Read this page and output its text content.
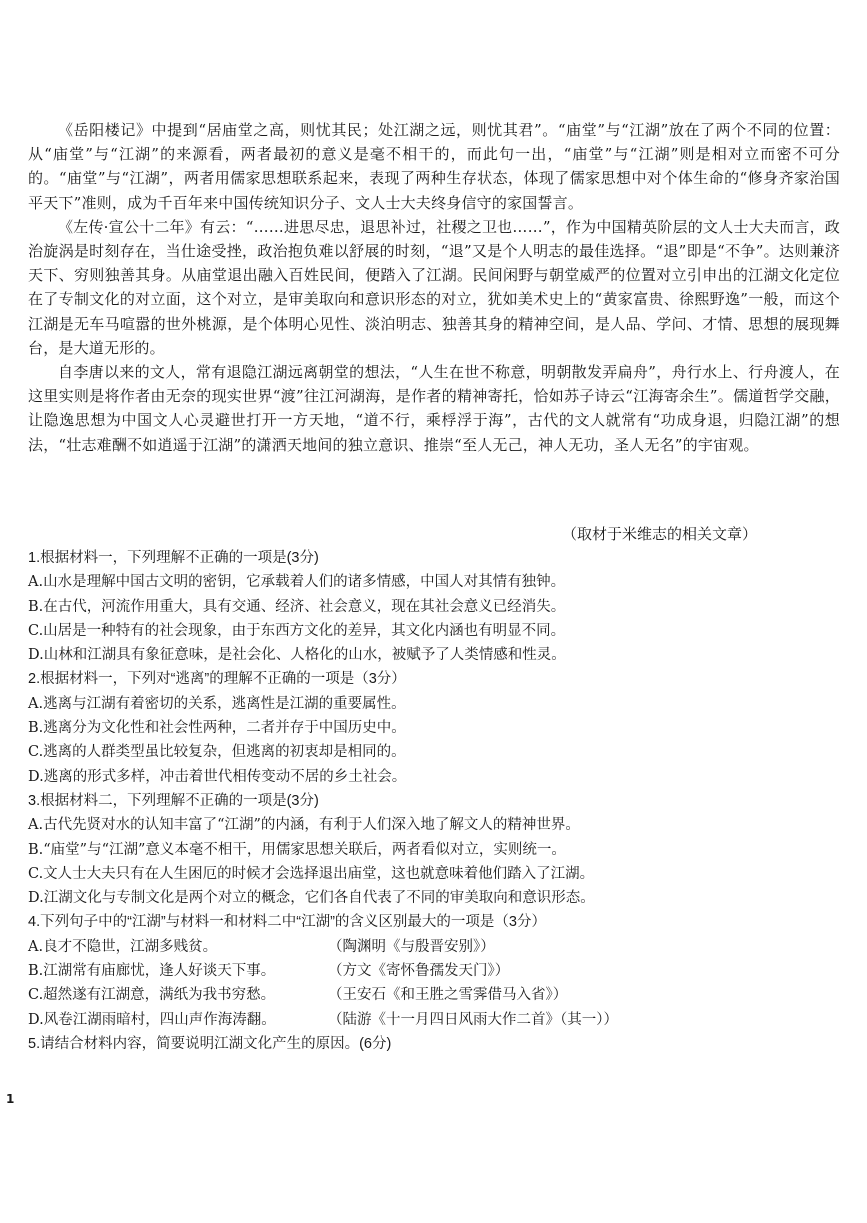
《岳阳楼记》中提到“居庙堂之高，则忧其民；处江湖之远，则忧其君”。“庙堂”与“江湖”放在了两个不同的位置：从“庙堂”与“江湖”的来源看，两者最初的意义是毫不相干的，而此句一出，“庙堂”与“江湖”则是相对立而密不可分的。“庙堂”与“江湖”，两者用儒家思想联系起来，表现了两种生存状态，体现了儒家思想中对个体生命的“修身齐家治国平天下”准则，成为千百年来中国传统知识分子、文人士大夫终身信守的家国誓言。

《左传·宣公十二年》有云：“……进思尽忠，退思补过，社稷之卫也……”，作为中国精英阶层的文人士大夫而言，政治旋涡是时刻存在，当仕途受挫，政治抱负难以舒展的时刻，“退”又是个人明志的最佳选择。“退”即是“不争”。达则兼济天下、穷则独善其身。从庙堂退出融入百姓民间，便踏入了江湖。民间闲野与朝堂威严的位置对立引申出的江湖文化定位在了专制文化的对立面，这个对立，是审美取向和意识形态的对立，犹如美术史上的“黄家富贵、徐熙野逸”一般，而这个江湖是无车马喧嚣的世外桃源，是个体明心见性、淡泊明志、独善其身的精神空间，是人品、学问、才情、思想的展现舞台，是大道无形的。

自李唐以来的文人，常有退隐江湖远离朝堂的想法，“人生在世不称意，明朝散发弄扁舟”，舟行水上、行舟渡人，在这里实则是将作者由无奈的现实世界“渡”往江河湖海，是作者的精神寄托，恰如苏子诗云“江海寄余生”。儒道哲学交融，让隐逸思想为中国文人心灵避世打开一方天地，“道不行，乘桴浮于海”，古代的文人就常有“功成身退，归隐江湖”的想法，“壮志难酬不如逍遥于江湖”的潇洒天地间的独立意识、推崇“至人无己，神人无功，圣人无名”的宇宙观。

（取材于米维志的相关文章）

1.根据材料一，下列理解不正确的一项是(3分)

A.山水是理解中国古文明的密钥，它承载着人们的诸多情感，中国人对其情有独钟。

B.在古代，河流作用重大，具有交通、经济、社会意义，现在其社会意义已经消失。

C.山居是一种特有的社会现象，由于东西方文化的差异，其文化内涵也有明显不同。

D.山林和江湖具有象征意味，是社会化、人格化的山水，被赋予了人类情感和性灵。

2.根据材料一，下列对“逃离”的理解不正确的一项是（3分）

A.逃离与江湖有着密切的关系，逃离性是江湖的重要属性。

B.逃离分为文化性和社会性两种，二者并存于中国历史中。

C.逃离的人群类型虽比较复杂，但逃离的初衷却是相同的。

D.逃离的形式多样，冲击着世代相传变动不居的乡土社会。

3.根据材料二，下列理解不正确的一项是(3分)

A.古代先贤对水的认知丰富了“江湖”的内涵，有利于人们深入地了解文人的精神世界。

B.“庙堂”与“江湖”意义本毫不相干，用儒家思想关联后，两者看似对立，实则统一。

C.文人士大夫只有在人生困厄的时候才会选择退出庙堂，这也就意味着他们踏入了江湖。

D.江湖文化与专制文化是两个对立的概念，它们各自代表了不同的审美取向和意识形态。

4.下列句子中的“江湖”与材料一和材料二中“江湖”的含义区别最大的一项是（3分）

A.良才不隐世，江湖多贱贫。	（陶渊明《与殷晋安别》）
B.江湖常有庙廊忧，逢人好谈天下事。	（方文《寄怀鲁孺发天门》）
C.超然遂有江湖意，满纸为我书穷愁。	（王安石《和王胜之雪霁借马入省》）
D.风卷江湖雨暗村，四山声作海涛翻。	（陆游《十一月四日风雨大作二首》（其一））

5.请结合材料内容，简要说明江湖文化产生的原因。(6分)

1
